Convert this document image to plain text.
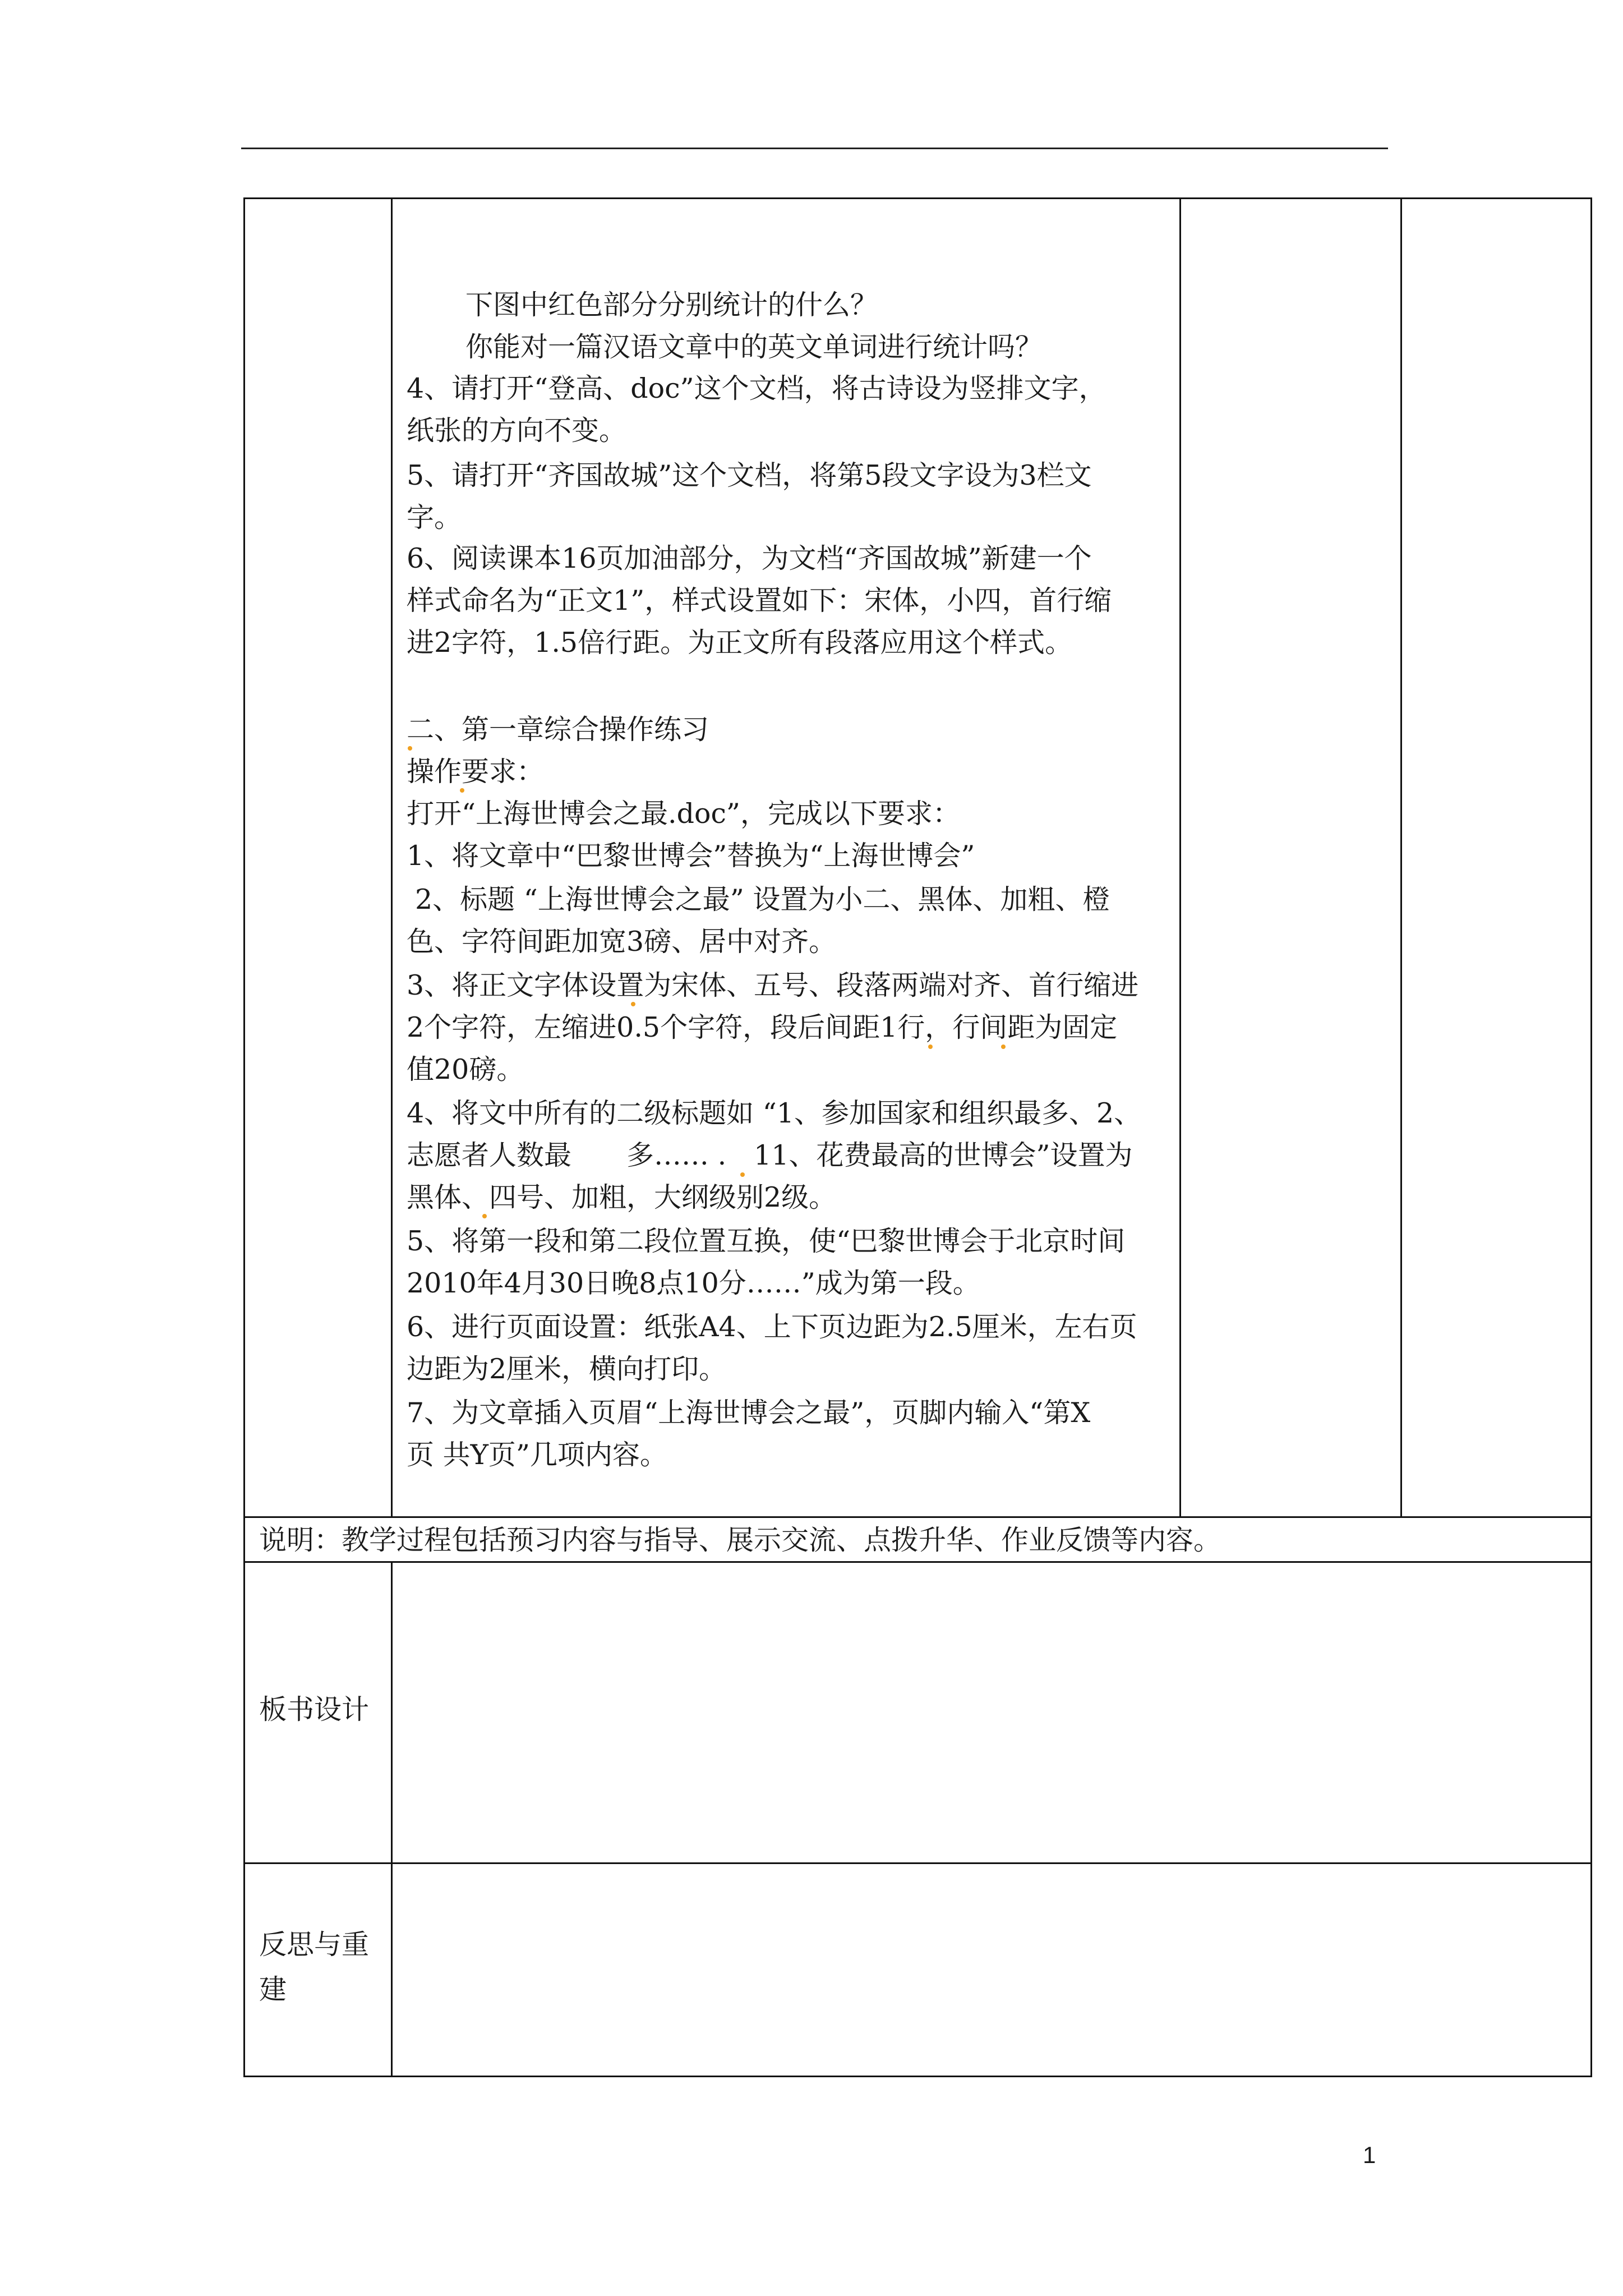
下图中红色部分分别统计的什么？
你能对一篇汉语文章中的英文单词进行统计吗？
4、请打开“登高、doc”这个文档，将古诗设为竖排文字，
纸张的方向不变。
5、请打开“齐国故城”这个文档，将第5段文字设为3栏文
字。
6、阅读课本16页加油部分，为文档“齐国故城”新建一个
样式命名为“正文1”，样式设置如下：宋体，小四，首行缩
进2字符，1.5倍行距。为正文所有段落应用这个样式。
二、第一章综合操作练习
操作要求：
打开“上海世博会之最.doc”，完成以下要求：
1、将文章中“巴黎世博会”替换为“上海世博会”
2、标题 “上海世博会之最” 设置为小二、黑体、加粗、橙
色、字符间距加宽3磅、居中对齐。
3、将正文字体设置为宋体、五号、段落两端对齐、首行缩进
2个字符，左缩进0.5个字符，段后间距1行，行间距为固定
值20磅。
4、将文中所有的二级标题如 “1、参加国家和组织最多、2、
志愿者人数最　　多…… .　11、花费最高的世博会”设置为
黑体、四号、加粗，大纲级别2级。
5、将第一段和第二段位置互换，使“巴黎世博会于北京时间
2010年4月30日晚8点10分……”成为第一段。
6、进行页面设置：纸张A4、上下页边距为2.5厘米，左右页
边距为2厘米，横向打印。
7、为文章插入页眉“上海世博会之最”，页脚内输入“第X
页 共Y页”几项内容。
说明：教学过程包括预习内容与指导、展示交流、点拨升华、作业反馈等内容。
板书设计
反思与重建
1
